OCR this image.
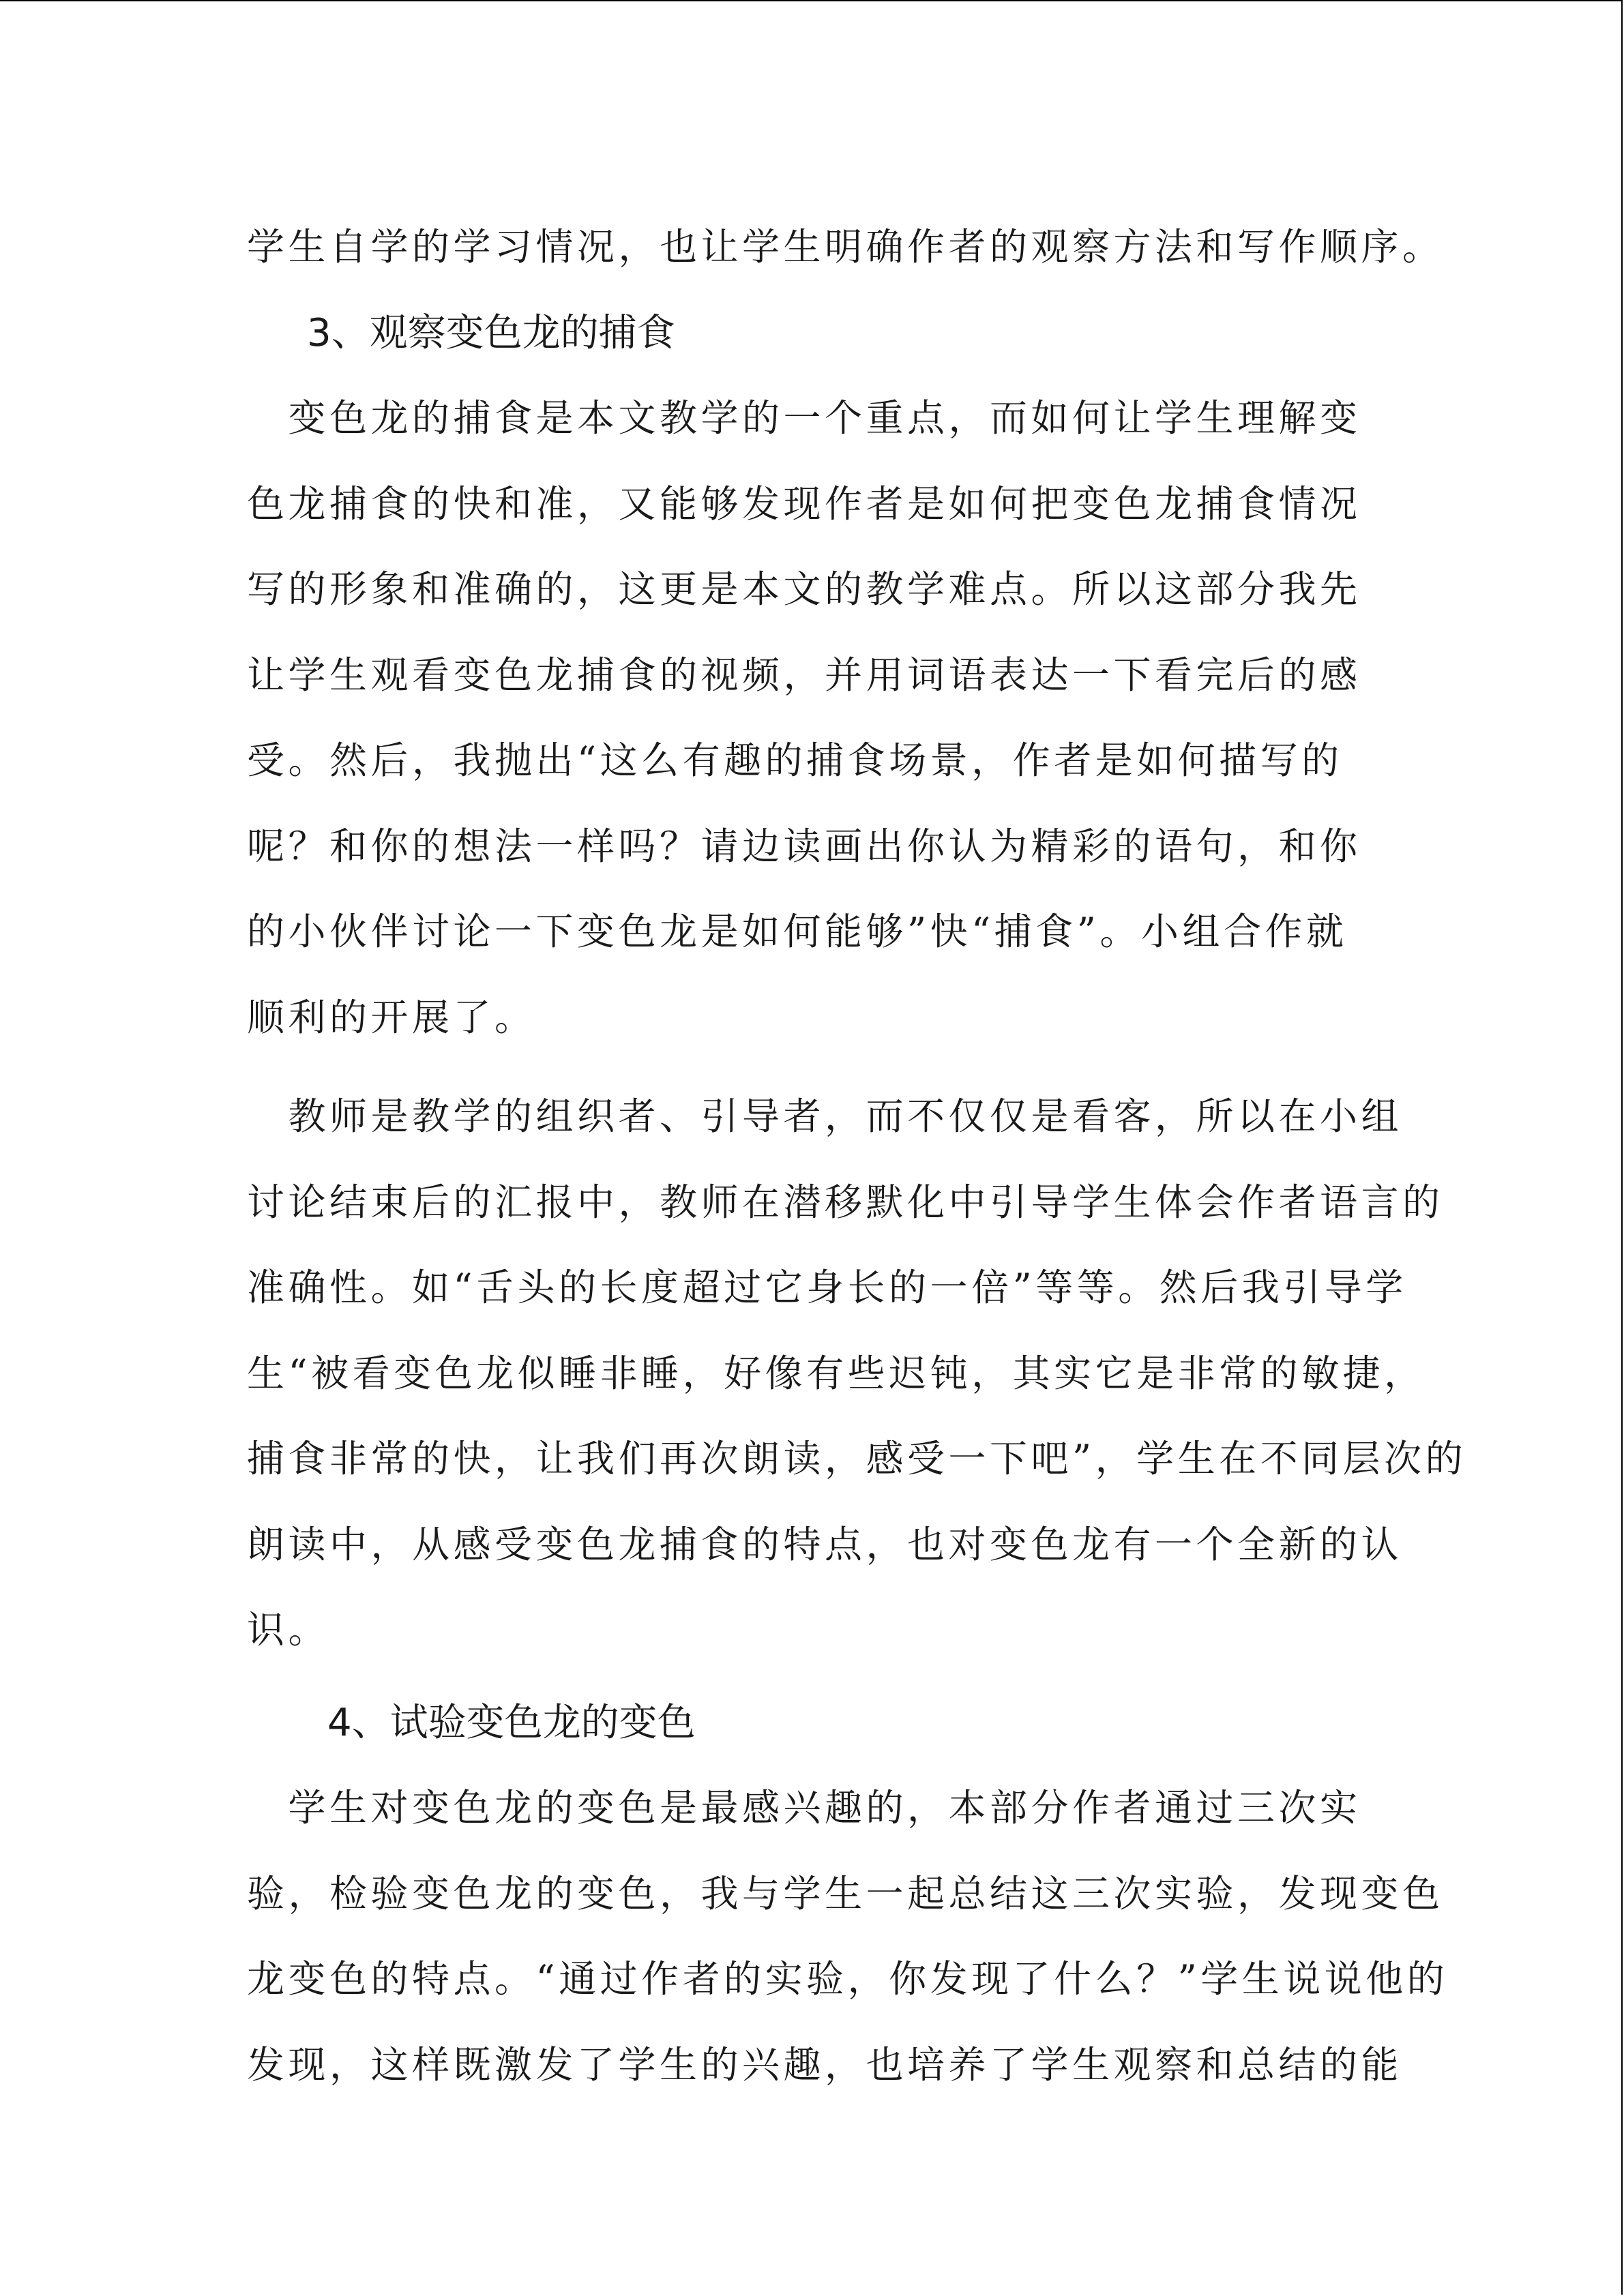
学生自学的学习情况，也让学生明确作者的观察方法和写作顺序。

3、观察变色龙的捕食

　变色龙的捕食是本文教学的一个重点，而如何让学生理解变
色龙捕食的快和准，又能够发现作者是如何把变色龙捕食情况
写的形象和准确的，这更是本文的教学难点。所以这部分我先
让学生观看变色龙捕食的视频，并用词语表达一下看完后的感
受。然后，我抛出“这么有趣的捕食场景，作者是如何描写的
呢？和你的想法一样吗？请边读画出你认为精彩的语句，和你
的小伙伴讨论一下变色龙是如何能够”快“捕食”。小组合作就
顺利的开展了。

　教师是教学的组织者、引导者，而不仅仅是看客，所以在小组
讨论结束后的汇报中，教师在潜移默化中引导学生体会作者语言的
准确性。如“舌头的长度超过它身长的一倍”等等。然后我引导学
生“被看变色龙似睡非睡，好像有些迟钝，其实它是非常的敏捷，
捕食非常的快，让我们再次朗读，感受一下吧”，学生在不同层次的
朗读中，从感受变色龙捕食的特点，也对变色龙有一个全新的认
识。

4、试验变色龙的变色

　学生对变色龙的变色是最感兴趣的，本部分作者通过三次实
验，检验变色龙的变色，我与学生一起总结这三次实验，发现变色
龙变色的特点。“通过作者的实验，你发现了什么？”学生说说他的
发现，这样既激发了学生的兴趣，也培养了学生观察和总结的能
